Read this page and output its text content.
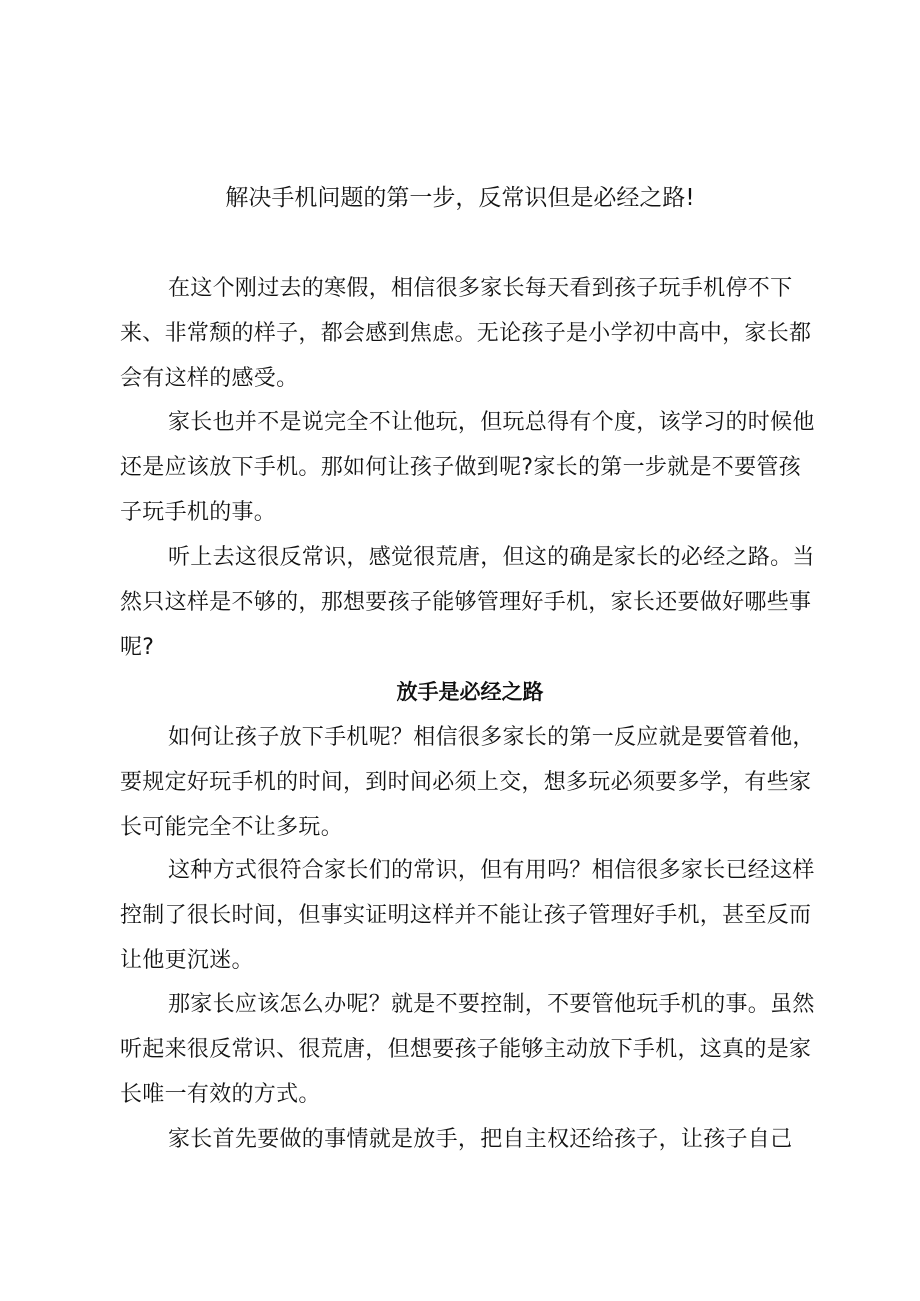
解决手机问题的第一步，反常识但是必经之路!

在这个刚过去的寒假，相信很多家长每天看到孩子玩手机停不下来、非常颓的样子，都会感到焦虑。无论孩子是小学初中高中，家长都会有这样的感受。

家长也并不是说完全不让他玩，但玩总得有个度，该学习的时候他还是应该放下手机。那如何让孩子做到呢?家长的第一步就是不要管孩子玩手机的事。

听上去这很反常识，感觉很荒唐，但这的确是家长的必经之路。当然只这样是不够的，那想要孩子能够管理好手机，家长还要做好哪些事呢?

放手是必经之路

如何让孩子放下手机呢？相信很多家长的第一反应就是要管着他，要规定好玩手机的时间，到时间必须上交，想多玩必须要多学，有些家长可能完全不让多玩。

这种方式很符合家长们的常识，但有用吗？相信很多家长已经这样控制了很长时间，但事实证明这样并不能让孩子管理好手机，甚至反而让他更沉迷。

那家长应该怎么办呢？就是不要控制，不要管他玩手机的事。虽然听起来很反常识、很荒唐，但想要孩子能够主动放下手机，这真的是家长唯一有效的方式。

家长首先要做的事情就是放手，把自主权还给孩子，让孩子自己
